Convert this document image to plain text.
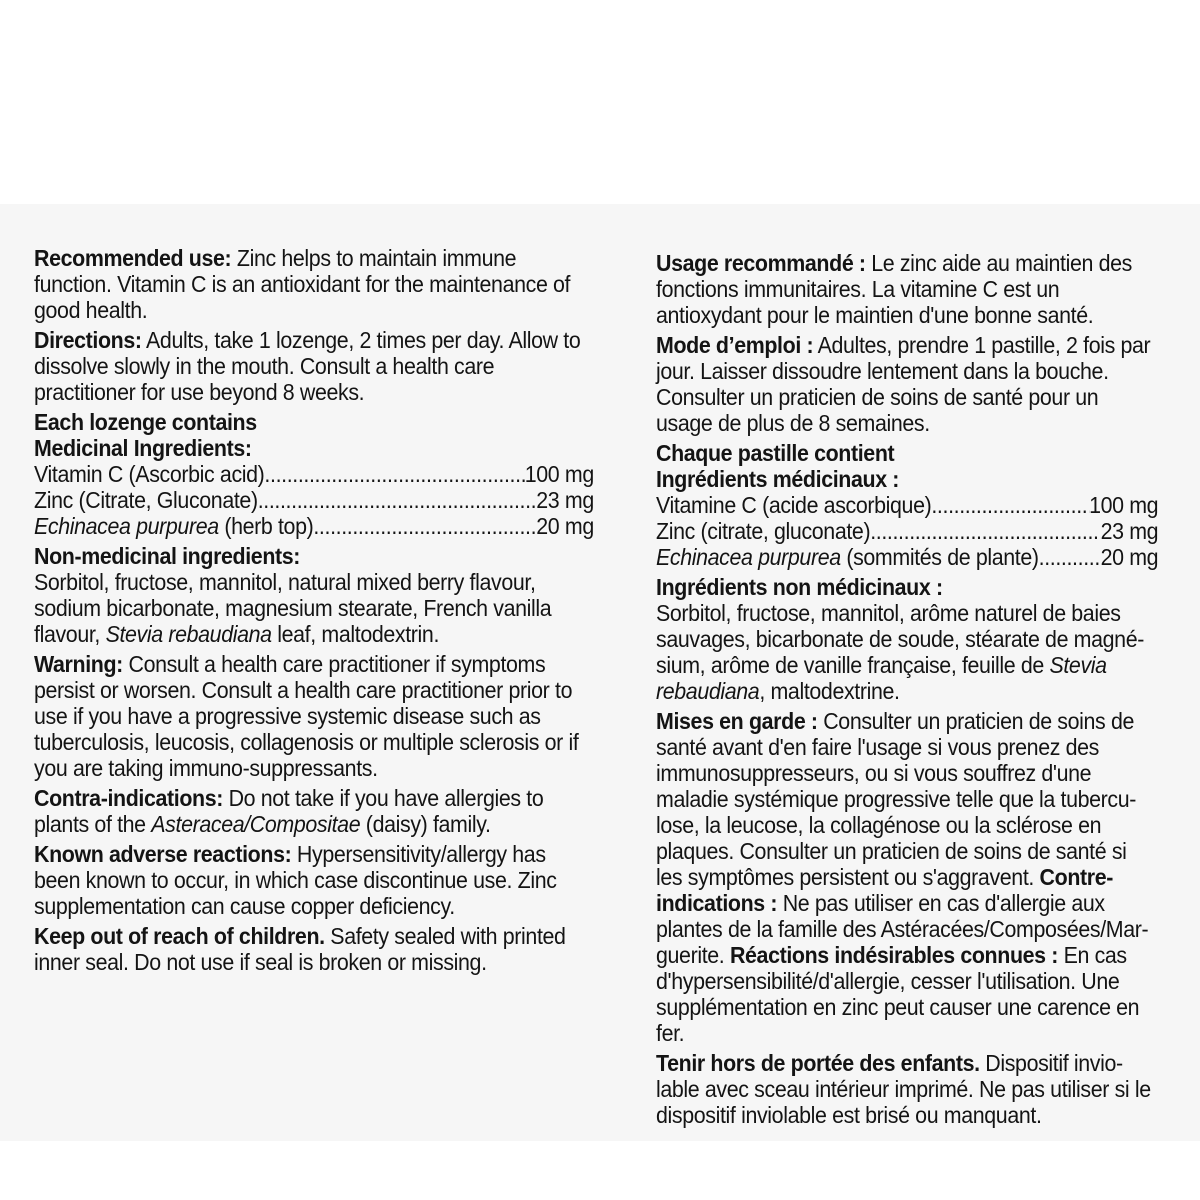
Recommended use: Zinc helps to maintain immune function. Vitamin C is an antioxidant for the maintenance of good health.

Directions: Adults, take 1 lozenge, 2 times per day. Allow to dissolve slowly in the mouth. Consult a health care practitioner for use beyond 8 weeks.

Each lozenge contains

Medicinal Ingredients:

Vitamin C (Ascorbic acid) .....	100 mg
Zinc (Citrate, Gluconate) .....	23 mg
Echinacea purpurea (herb top) .....	20 mg

Non-medicinal ingredients:

Sorbitol, fructose, mannitol, natural mixed berry flavour, sodium bicarbonate, magnesium stearate, French vanilla flavour, Stevia rebaudiana leaf, maltodextrin.

Warning: Consult a health care practitioner if symptoms persist or worsen. Consult a health care practitioner prior to use if you have a progressive systemic disease such as tuberculosis, leucosis, collagenosis or multiple sclerosis or if you are taking immuno-suppressants.

Contra-indications: Do not take if you have allergies to plants of the Asteracea/Compositae (daisy) family.

Known adverse reactions: Hypersensitivity/allergy has been known to occur, in which case discontinue use. Zinc supplementation can cause copper deficiency.

Keep out of reach of children. Safety sealed with printed inner seal. Do not use if seal is broken or missing.

Usage recommandé : Le zinc aide au maintien des fonctions immunitaires. La vitamine C est un antioxydant pour le maintien d'une bonne santé.

Mode d’emploi : Adultes, prendre 1 pastille, 2 fois par jour. Laisser dissoudre lentement dans la bouche. Consulter un praticien de soins de santé pour un usage de plus de 8 semaines.

Chaque pastille contient

Ingrédients médicinaux :

Vitamine C (acide ascorbique) .....	100 mg
Zinc (citrate, gluconate) .....	23 mg
Echinacea purpurea (sommités de plante) .....	20 mg

Ingrédients non médicinaux :

Sorbitol, fructose, mannitol, arôme naturel de baies sauvages, bicarbonate de soude, stéarate de magné-sium, arôme de vanille française, feuille de Stevia rebaudiana, maltodextrine.

Mises en garde : Consulter un praticien de soins de santé avant d'en faire l'usage si vous prenez des immunosuppresseurs, ou si vous souffrez d'une maladie systémique progressive telle que la tubercu-lose, la leucose, la collagénose ou la sclérose en plaques. Consulter un praticien de soins de santé si les symptômes persistent ou s'aggravent. Contre-indications : Ne pas utiliser en cas d'allergie aux plantes de la famille des Astéracées/Composées/Mar-guerite. Réactions indésirables connues : En cas d'hypersensibilité/d'allergie, cesser l'utilisation. Une supplémentation en zinc peut causer une carence en fer.

Tenir hors de portée des enfants. Dispositif invio-lable avec sceau intérieur imprimé. Ne pas utiliser si le dispositif inviolable est brisé ou manquant.
